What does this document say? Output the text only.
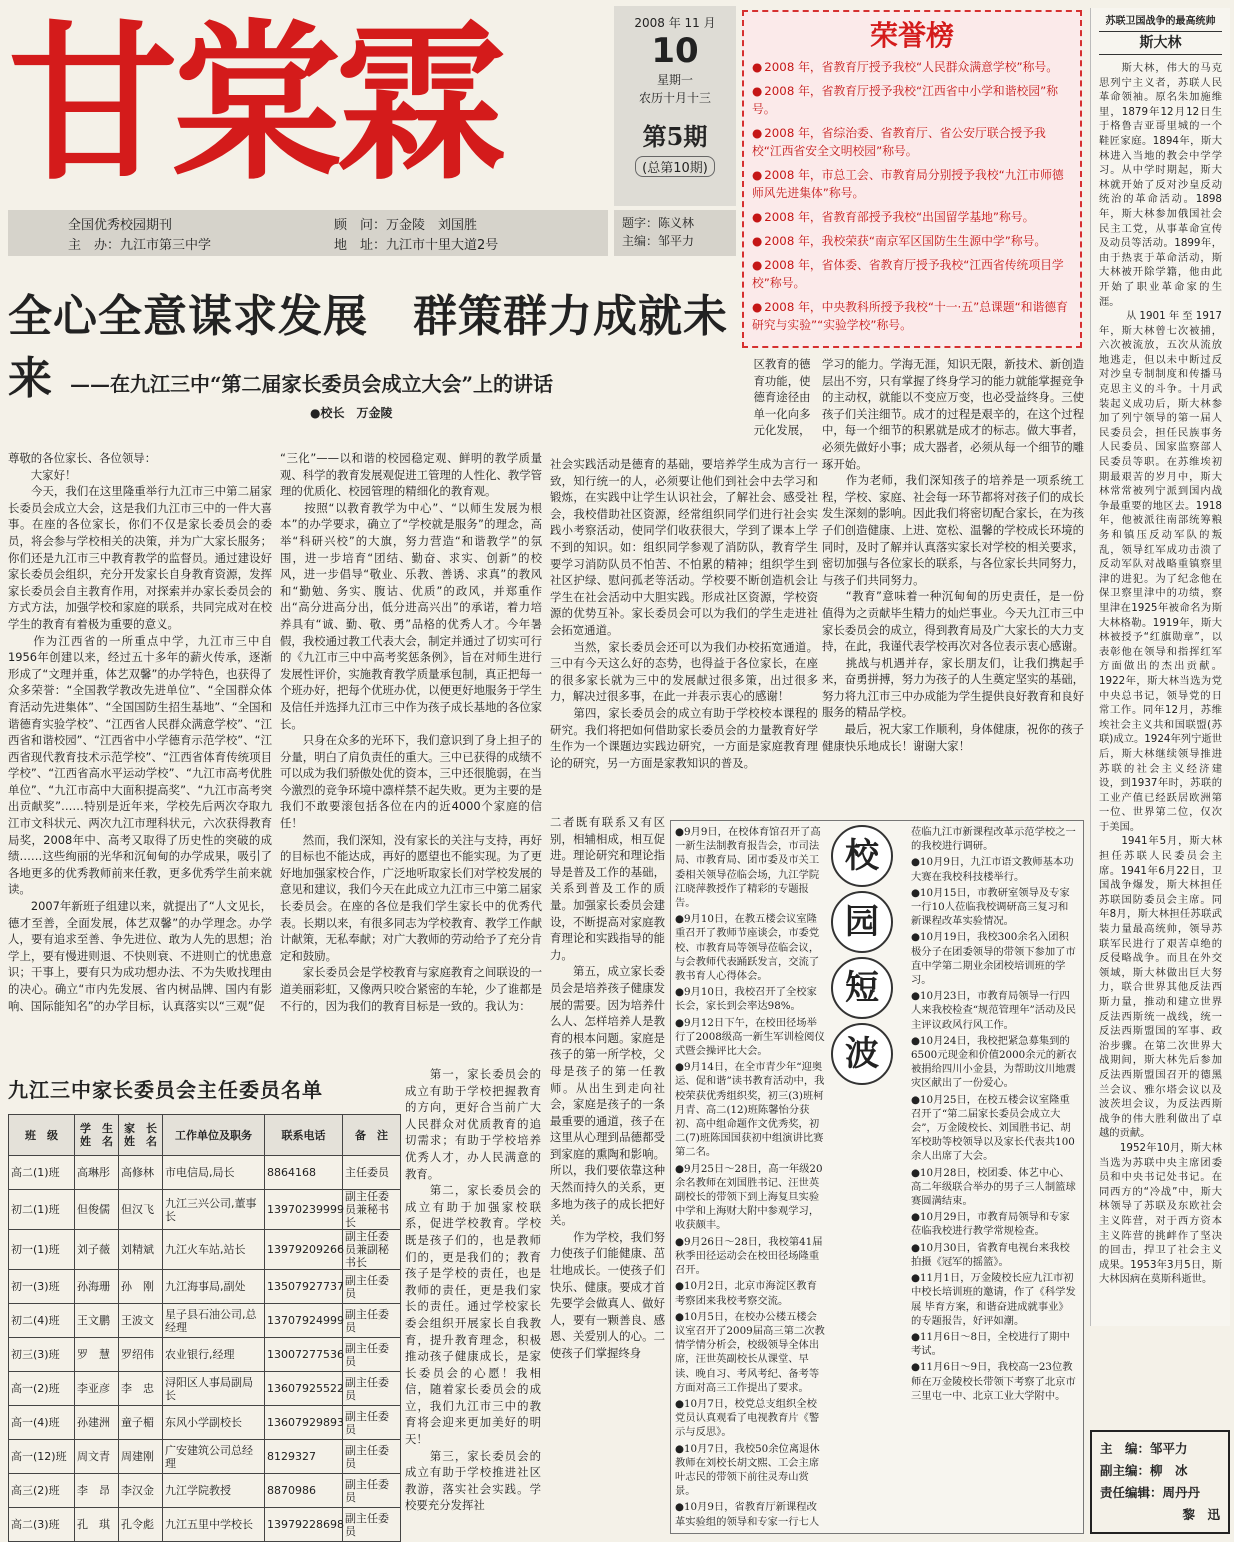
甘棠霖	2008 年 11 月
10
星期一
农历十月十三
第5期
(总第10期)
全国优秀校园期刊	顾　问：万金陵　刘国胜
主　办：九江市第三中学	地　址：九江市十里大道2号
题字：陈义林
主编：邹平力
荣誉榜
● 2008 年，省教育厅授予我校“人民群众满意学校”称号。
● 2008 年，省教育厅授予我校“江西省中小学和谐校园”称号。
● 2008 年，省综治委、省教育厅、省公安厅联合授予我校“江西省安全文明校园”称号。
● 2008 年，市总工会、市教育局分别授予我校“九江市师德师风先进集体”称号。
● 2008 年，省教育部授予我校“出国留学基地”称号。
● 2008 年，我校荣获“南京军区国防生生源中学”称号。
● 2008 年，省体委、省教育厅授予我校“江西省传统项目学校”称号。
● 2008 年，中央教科所授予我校“十一·五”总课题“和谐德育研究与实验”“实验学校”称号。
苏联卫国战争的最高统帅
斯大林
　　斯大林，伟大的马克思列宁主义者，苏联人民革命领袖。原名朱加施维里，1879年12月12日生于格鲁吉亚哥里城的一个鞋匠家庭。1894年，斯大林进入当地的教会中学学习。从中学时期起，斯大林就开始了反对沙皇反动统治的革命活动。1898年，斯大林参加俄国社会民主工党，从事革命宣传及动员等活动。1899年，由于热衷于革命活动，斯大林被开除学籍，他由此开始了职业革命家的生涯。
　　从1901年至1917年，斯大林曾七次被捕，六次被流放，五次从流放地逃走，但以未中断过反对沙皇专制制度和传播马克思主义的斗争。十月武装起义成功后，斯大林参加了列宁领导的第一届人民委员会，担任民族事务人民委员、国家监察部人民委员等职。在苏维埃初期最艰苦的岁月中，斯大林常常被列宁派到国内战争最重要的地区去。1918年，他被派往南部统筹粮务和镇压反动军队的叛乱，领导红军成功击溃了反动军队对战略重镇察里津的进犯。为了纪念他在保卫察里津中的功绩，察里津在1925年被命名为斯大林格勒。1919年，斯大林被授予“红旗勋章”，以表彰他在领导和指挥红军方面做出的杰出贡献。1922年，斯大林当选为党中央总书记，领导党的日常工作。同年12月，苏维埃社会主义共和国联盟(苏联)成立。1924年列宁逝世后，斯大林继续领导推进苏联的社会主义经济建设，到1937年时，苏联的工业产值已经跃居欧洲第一位、世界第二位，仅次于美国。
　　1941年5月，斯大林担任苏联人民委员会主席。1941年6月22日，卫国战争爆发，斯大林担任苏联国防委员会主席。同年8月，斯大林担任苏联武装力量最高统帅，领导苏联军民进行了艰苦卓绝的反侵略战争。而且在外交领域，斯大林做出巨大努力，联合世界其他反法西斯力量，推动和建立世界反法西斯统一战线，统一反法西斯盟国的军事、政治步骤。在第二次世界大战期间，斯大林先后参加反法西斯盟国召开的德黑兰会议、雅尔塔会议以及波茨坦会议，为反法西斯战争的伟大胜利做出了卓越的贡献。
　　1952年10月，斯大林当选为苏联中央主席团委员和中央书记处书记。在同西方的“冷战”中，斯大林领导了苏联及东欧社会主义阵营，对于西方资本主义阵营的挑衅作了坚决的回击，捍卫了社会主义成果。1953年3月5日，斯大林因病在莫斯科逝世。
主　编：邹平力
副主编：柳　冰
责任编辑：周丹丹
黎　迅
全心全意谋求发展　群策群力成就未来 ——在九江三中“第二届家长委员会成立大会”上的讲话
●校长　万金陵
区教育的德育功能，使德育途径由单一化向多元化发展，
尊敬的各位家长、各位领导：
　　大家好！
　　今天，我们在这里隆重举行九江市三中第二届家长委员会成立大会，这是我们九江市三中的一件大喜事。在座的各位家长，你们不仅是家长委员会的委员，将会参与学校相关的决策，并为广大家长服务；你们还是九江市三中教育教学的监督员。通过建设好家长委员会组织，充分开发家长自身教育资源，发挥家长委员会自主教育作用，对探索并办家长委员会的方式方法，加强学校和家庭的联系，共同完成对在校学生的教育有着极为重要的意义。
　　作为江西省的一所重点中学，九江市三中自1956年创建以来，经过五十多年的薪火传承，逐渐形成了“文理并重，体艺双馨”的办学特色，也获得了众多荣誉：“全国教学教改先进单位”、“全国群众体育活动先进集体”、“全国国防生招生基地”、“全国和谐德育实验学校”、“江西省人民群众满意学校”、“江西省和谐校园”、“江西省中小学德育示范学校”、“江西省现代教育技术示范学校”、“江西省体育传统项目学校”、“江西省高水平运动学校”、“九江市高考优胜单位”、“九江市高中大面积提高奖”、“九江市高考突出贡献奖”……特别是近年来，学校先后两次夺取九江市文科状元、两次九江市理科状元，六次获得教育局奖，2008年中、高考又取得了历史性的突破的成绩……这些绚丽的光华和沉甸甸的办学成果，吸引了各地更多的优秀教师前来任教，更多优秀学生前来就读。
　　2007年新班子组建以来，就提出了“人文见长，德才至善，全面发展，体艺双馨”的办学理念。办学人，要有追求至善、争先进位、敢为人先的思想；治学上，要有慢进则退、不快则衰、不进则亡的忧患意识；干事上，要有只为成功想办法、不为失败找理由的决心。确立“市内先发展、省内树品牌、国内有影响、国际能知名”的办学目标，认真落实以“三观”促
“三化”——以和谐的校园稳定观、鲜明的教学质量观、科学的教育发展观促进工管理的人性化、教学管理的优质化、校园管理的精细化的教育观。
　　按照“以教育教学为中心”、“以师生发展为根本”的办学要求，确立了“学校就是服务”的理念，高举“科研兴校”的大旗，努力营造“和谐教学”的氛围，进一步培育“团结、勤奋、求实、创新”的校风，进一步倡导“敬业、乐教、善诱、求真”的教风和“勤勉、务实、腹诂、优质”的政风，并郑重作出“高分进高分出，低分进高兴出”的承诺，着力培养具有“诚、勤、敬、勇”品格的优秀人才。今年暑假，我校通过教工代表大会，制定并通过了切实可行的《九江市三中中高考奖惩条例》，旨在对师生进行发展性评价，实施教育教学质量承包制，真正把每一个班办好，把每个优班办优，以便更好地服务于学生及信任并选择九江市三中作为孩子成长基地的各位家长。
　　只身在众多的光环下，我们意识到了身上担子的分量，明白了肩负责任的重大。三中已获得的成绩不可以成为我们骄傲处优的资本，三中还很脆弱，在当今激烈的竞争环境中凛样禁不起失败。更为主要的是我们不敢要滚包括各位在内的近4000个家庭的信任！
　　然而，我们深知，没有家长的关注与支持，再好的目标也不能达成，再好的愿望也不能实现。为了更好地加强家校合作，广泛地听取家长们对学校发展的意见和建议，我们今天在此成立九江市三中第二届家长委员会。在座的各位是我们学生家长中的优秀代表。长期以来，有很多同志为学校教育、教学工作献计献策，无私奉献；对广大教师的劳动给予了充分肯定和鼓励。
　　家长委员会是学校教育与家庭教育之间联设的一道美丽彩虹，又像两只咬合紧密的车轮，少了谁都是不行的，因为我们的教育目标是一致的。我认为：
社会实践活动是德育的基础，要培养学生成为言行一致，知行统一的人，必须要让他们到社会中去学习和锻炼，在实践中让学生认识社会，了解社会、感受社会，我校借助社区资源，经常组织同学们进行社会实践小考察活动，使同学们收获很大，学到了课本上学不到的知识。如：组织同学参观了消防队，教育学生要学习消防队员不怕苦、不怕累的精神；组织学生到社区护绿、慰问孤老等活动。学校要不断创造机会让学生在社会活动中大胆实践。形成社区资源，学校资源的优势互补。家长委员会可以为我们的学生走进社会拓宽通道。
　　当然，家长委员会还可以为我们办校拓宽通道。三中有今天这么好的态势，也得益于各位家长，在座的很多家长就为三中的发展献过很多策，出过很多力，解决过很多事，在此一并表示衷心的感谢！
　　第四，家长委员会的成立有助于学校校本课程的研究。我们将把如何借助家长委员会的力量教育好学生作为一个课题边实践边研究，一方面是家庭教育理论的研究，另一方面是家教知识的普及。
学习的能力。学海无涯，知识无限，新技术、新创造层出不穷，只有掌握了终身学习的能力就能掌握竞争的主动权，就能以不变应万变，也必受益终身。三使孩子们关注细节。成才的过程是艰辛的，在这个过程中，每一个细节的积累就是成才的标志。做大事者，必须先做好小事；成大器者，必须从每一个细节的雕琢开始。
　　作为老师，我们深知孩子的培养是一项系统工程，学校、家庭、社会每一环节都将对孩子们的成长发生深刻的影响。因此我们将密切配合家长，在为孩子们创造健康、上进、宽松、温馨的学校成长环境的同时，及时了解并认真落实家长对学校的相关要求，密切加强与各位家长的联系，与各位家长共同努力，与孩子们共同努力。
　　“教育”意味着一种沉甸甸的历史责任，是一份值得为之贡献毕生精力的灿烂事业。今天九江市三中家长委员会的成立，得到教育局及广大家长的大力支持，在此，我谨代表学校再次对各位表示衷心感谢。
　　挑战与机遇并存，家长朋友们，让我们携起手来，奋勇拼搏，努力为孩子的人生奠定坚实的基础，努力将九江市三中办成能为学生提供良好教育和良好服务的精品学校。
　　最后，祝大家工作顺利，身体健康，祝你的孩子健康快乐地成长！谢谢大家！
　　第一，家长委员会的成立有助于学校把握教育的方向，更好合当前广大人民群众对优质教育的追切需求；有助于学校培养优秀人才，办人民满意的教育。
　　第二，家长委员会的成立有助于加强家校联系，促进学校教育。学校既是孩子们的，也是教师们的，更是我们的；教育孩子是学校的责任，也是教师的责任，更是我们家长的责任。通过学校家长委会组织开展家长自我教育，提升教育理念，积极推动孩子健康成长，是家长委员会的心愿！我相信，随着家长委员会的成立，我们九江市三中的教育将会迎来更加美好的明天！
　　第三，家长委员会的成立有助于学校推进社区教游，落实社会实践。学校要充分发挥社
二者既有联系又有区别，相辅相成，相互促进。理论研究和理论指导是普及工作的基础，关系到普及工作的质量。加强家长委员会建设，不断提高对家庭教育理论和实践指导的能力。
　　第五，成立家长委员会是培养孩子健康发展的需要。因为培养什么人、怎样培养人是教育的根本问题。家庭是孩子的第一所学校，父母是孩子的第一任教师。从出生到走向社会，家庭是孩子的一条最重要的通道，孩子在这里从心理到品德都受到家庭的熏陶和影响。所以，我们要依靠这种天然而持久的关系，更多地为孩子的成长把好关。
　　作为学校，我们努力使孩子们能健康、茁壮地成长。一使孩子们快乐、健康。要成才首先要学会做真人、做好人，要有一颗善良、感恩、关爱别人的心。二使孩子们掌握终身
九江三中家长委员会主任委员名单
班　级	学　生 姓　名	家　长 姓　名	工作单位及职务	联系电话	备　注
高二(1)班	高琳彤	高修林	市电信局,局长	8864168	主任委员
初二(1)班	但俊儒	但汉飞	九江三兴公司,董事长	13970239999	副主任委员兼秘书长
初一(1)班	刘子薇	刘精斌	九江火车站,站长	13979209266	副主任委员兼副秘书长
初一(3)班	孙海珊	孙　刚	九江海事局,副处	13507927737	副主任委员
初二(4)班	王文鹏	王波文	星子县石油公司,总经理	13707924999	副主任委员
初三(3)班	罗　慧	罗绍伟	农业银行,经理	13007277536	副主任委员
高一(2)班	李亚彦	李　忠	浔阳区人事局副局长	13607925522	副主任委员
高一(4)班	孙建洲	童子楣	东风小学副校长	13607929893	副主任委员
高一(12)班	周文青	周建刚	广安建筑公司总经理	8129327	副主任委员
高三(2)班	李　昂	李汉金	九江学院教授	8870986	副主任委员
高二(3)班	孔　琪	孔令彪	九江五里中学校长	13979228698	副主任委员

●9月9日，在校体育馆召开了高一新生法制教育报告会，市司法局、市教育局、团市委及市关工委相关领导莅临会场，九江学院江晓萍教授作了精彩的专题报告。

●9月10日，在教五楼会议室隆重召开了教师节座谈会，市委党校、市教育局等领导莅临会议，与会教师代表踊跃发言，交流了教书育人心得体会。

●9月10日，我校召开了全校家长会，家长到会率达98%。

●9月12日下午，在校田径场举行了2008级高一新生军训检阅仪式暨会操评比大会。

●9月14日，在全市青少年“迎奥运、促和谐”读书教育活动中，我校荣获优秀组织奖，初三(3)班柯月青、高二(12)班陈馨怡分获初、高中组命题作文优秀奖，初二(7)班陈国国获初中组演讲比赛第二名。

●9月25日～28日，高一年级20余名教师在刘国胜书记、汪世英副校长的带领下到上海复旦实验中学和上海财大附中参观学习，收获颇丰。

●9月26日～28日，我校第41届秋季田径运动会在校田径场隆重召开。

●10月2日，北京市海淀区教育考察团来我校考察交流。

●10月5日，在校办公楼五楼会议室召开了2009届高三第二次教情学情分析会，校级领导全体出席，汪世英副校长从课堂、早读、晚自习、考风考纪、备考等方面对高三工作提出了要求。

●10月7日，校党总支组织全校党员认真观看了电视教育片《警示与反思》。

●10月7日，我校50余位离退休教师在刘校长胡文熙、工会主席叶志民的带领下前往灵寿山赏景。

●10月9日，省教育厅新课程改革实验组的领导和专家一行七人

校
园
短
波

莅临九江市新课程改革示范学校之一的我校进行调研。

●10月9日，九江市语文教师基本功大赛在我校科技楼举行。

●10月15日，市教研室领导及专家一行10人莅临我校调研高三复习和新课程改革实验情况。

●10月19日，我校300余名入团积极分子在团委领导的带领下参加了市直中学第二期业余团校培训班的学习。

●10月23日，市教育局领导一行四人来我校检查“规范管理年”活动及民主评议政风行风工作。

●10月24日，我校把紧急募集到的6500元现金和价值2000余元的新衣被捐给四川小金县，为帮助汶川地震灾区献出了一份爱心。

●10月25日，在校五楼会议室隆重召开了“第二届家长委员会成立大会”，万金陵校长、刘国胜书记、胡军校助等校领导以及家长代表共100余人出席了大会。

●10月28日，校团委、体艺中心、高二年级联合举办的男子三人制篮球赛圆满结束。

●10月29日，市教育局领导和专家莅临我校进行教学常规检查。

●10月30日，省教育电视台来我校拍摄《冠军的摇篮》。

●11月1日，万金陵校长应九江市初中校长培训班的邀请，作了《科学发展 毕育方案，和谐奋进成就事业》的专题报告，好评如潮。

●11月6日～8日，全校进行了期中考试。

●11月6日～9日，我校高一23位教师在万金陵校长带领下考察了北京市三里屯一中、北京工业大学附中。
